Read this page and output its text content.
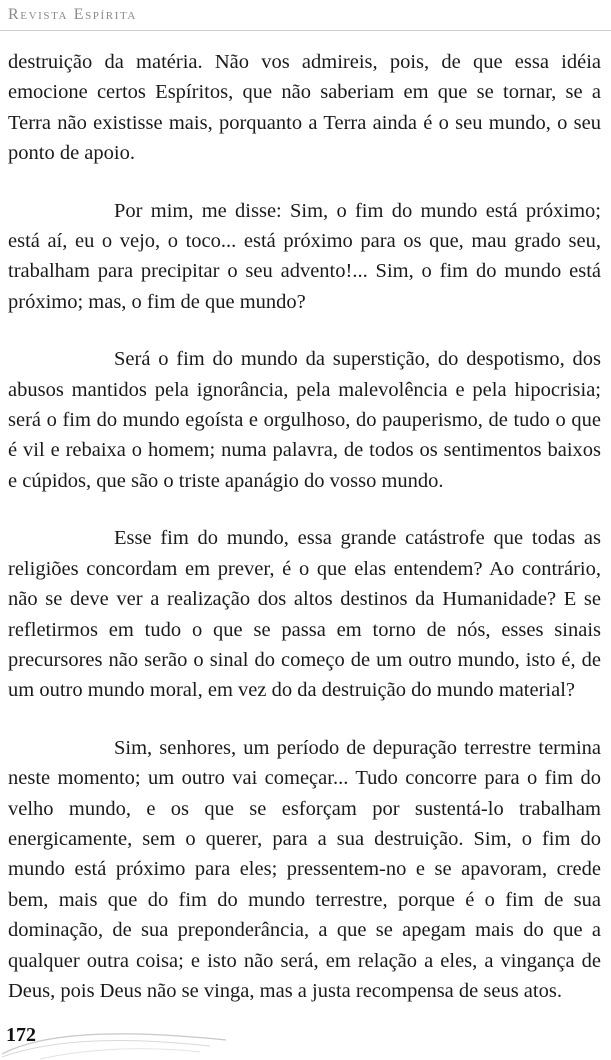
Revista Espírita

destruição da matéria. Não vos admireis, pois, de que essa idéia emocione certos Espíritos, que não saberiam em que se tornar, se a Terra não existisse mais, porquanto a Terra ainda é o seu mundo, o seu ponto de apoio.

Por mim, me disse: Sim, o fim do mundo está próximo; está aí, eu o vejo, o toco... está próximo para os que, mau grado seu, trabalham para precipitar o seu advento!... Sim, o fim do mundo está próximo; mas, o fim de que mundo?

Será o fim do mundo da superstição, do despotismo, dos abusos mantidos pela ignorância, pela malevolência e pela hipocrisia; será o fim do mundo egoísta e orgulhoso, do pauperismo, de tudo o que é vil e rebaixa o homem; numa palavra, de todos os sentimentos baixos e cúpidos, que são o triste apanágio do vosso mundo.

Esse fim do mundo, essa grande catástrofe que todas as religiões concordam em prever, é o que elas entendem? Ao contrário, não se deve ver a realização dos altos destinos da Humanidade? E se refletirmos em tudo o que se passa em torno de nós, esses sinais precursores não serão o sinal do começo de um outro mundo, isto é, de um outro mundo moral, em vez do da destruição do mundo material?

Sim, senhores, um período de depuração terrestre termina neste momento; um outro vai começar... Tudo concorre para o fim do velho mundo, e os que se esforçam por sustentá-lo trabalham energicamente, sem o querer, para a sua destruição. Sim, o fim do mundo está próximo para eles; pressentem-no e se apavoram, crede bem, mais que do fim do mundo terrestre, porque é o fim de sua dominação, de sua preponderância, a que se apegam mais do que a qualquer outra coisa; e isto não será, em relação a eles, a vingança de Deus, pois Deus não se vinga, mas a justa recompensa de seus atos.

172
